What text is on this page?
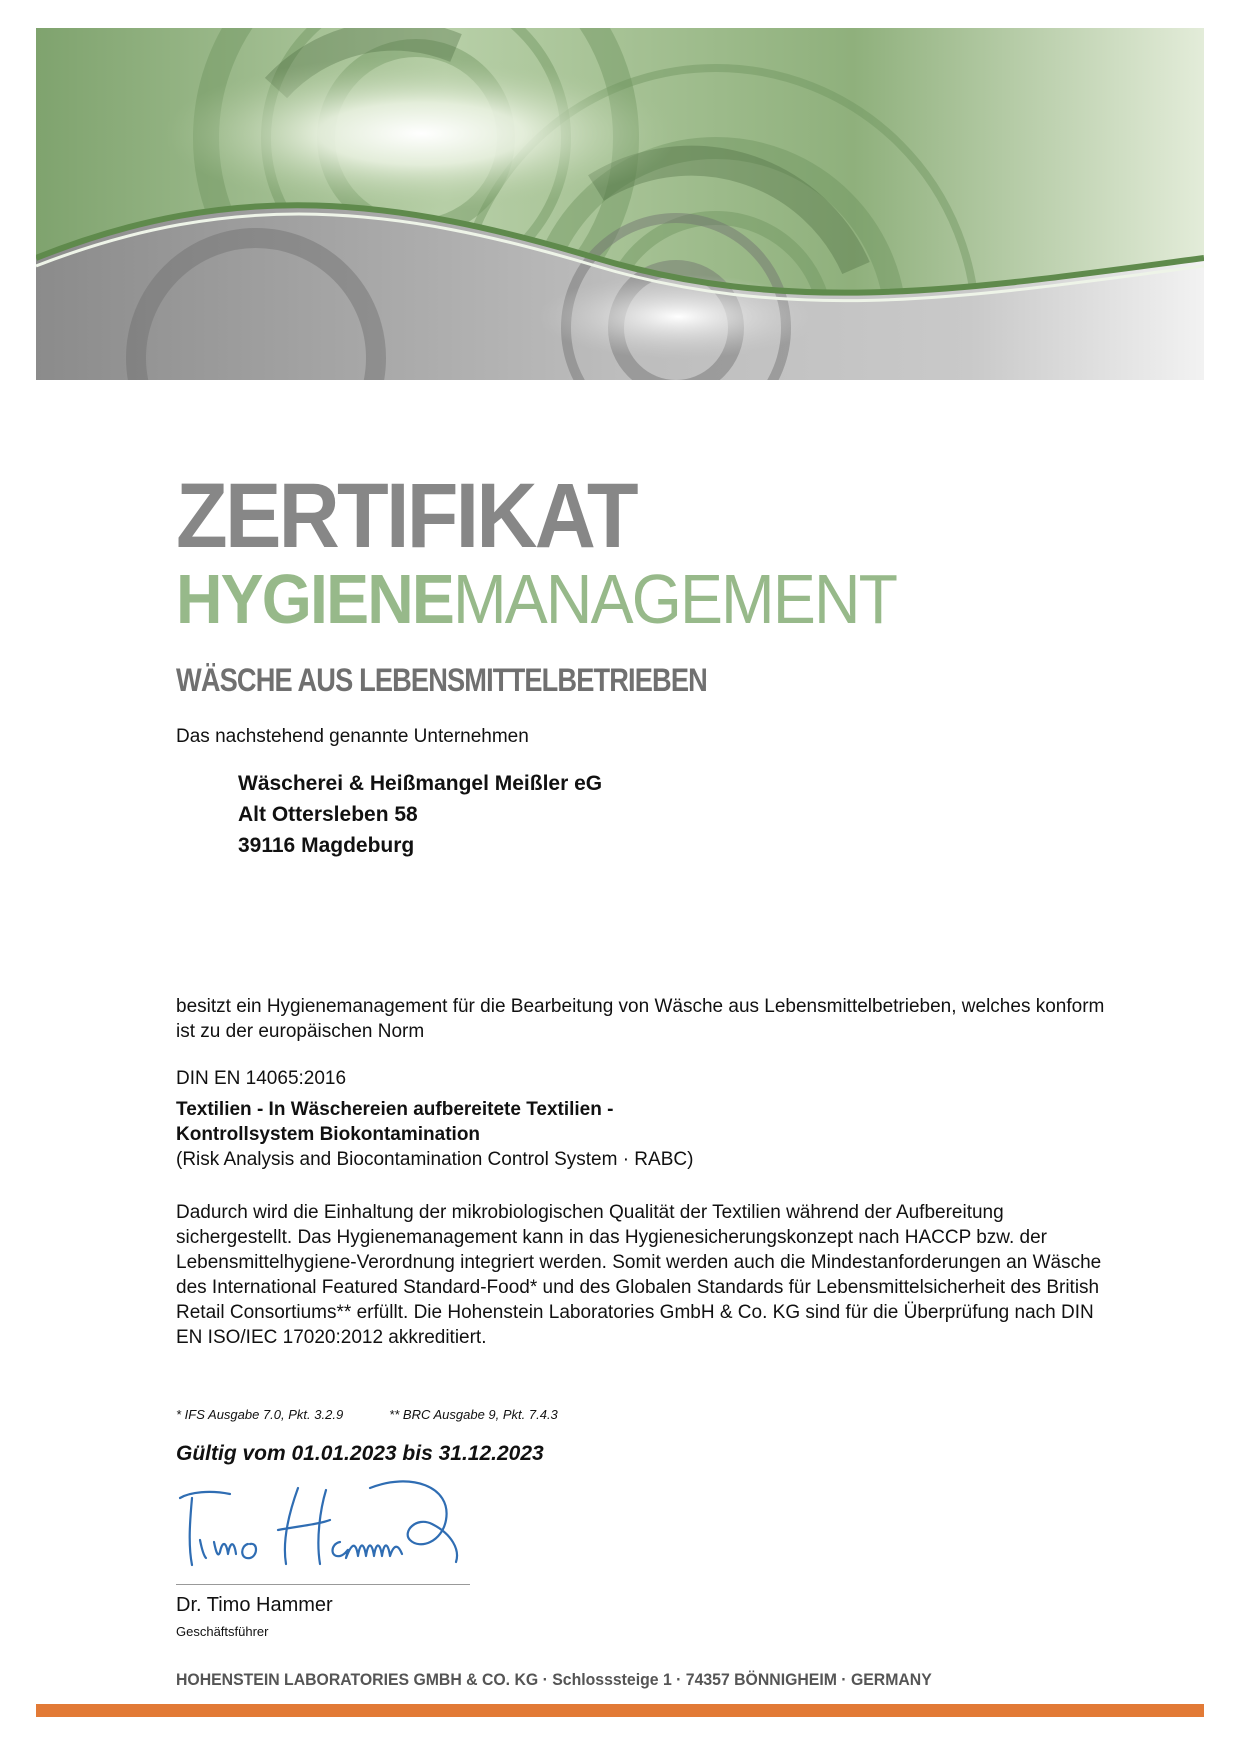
ZERTIFIKAT
HYGIENEMANAGEMENT
WÄSCHE AUS LEBENSMITTELBETRIEBEN

Das nachstehend genannte Unternehmen

Wäscherei & Heißmangel Meißler eG
Alt Ottersleben 58
39116 Magdeburg

besitzt ein Hygienemanagement für die Bearbeitung von Wäsche aus Lebensmittelbetrieben, welches konform ist zu der europäischen Norm

DIN EN 14065:2016
Textilien - In Wäschereien aufbereitete Textilien -
Kontrollsystem Biokontamination
(Risk Analysis and Biocontamination Control System · RABC)

Dadurch wird die Einhaltung der mikrobiologischen Qualität der Textilien während der Aufbereitung sichergestellt. Das Hygienemanagement kann in das Hygienesicherungskonzept nach HACCP bzw. der Lebensmittelhygiene-Verordnung integriert werden. Somit werden auch die Mindestanforderungen an Wäsche des International Featured Standard-Food* und des Globalen Standards für Lebensmittelsicherheit des British Retail Consortiums** erfüllt. Die Hohenstein Laboratories GmbH & Co. KG sind für die Überprüfung nach DIN EN ISO/IEC 17020:2012 akkreditiert.

* IFS Ausgabe 7.0, Pkt. 3.2.9	** BRC Ausgabe 9, Pkt. 7.4.3
Gültig vom 01.01.2023 bis 31.12.2023
Dr. Timo Hammer
Geschäftsführer
HOHENSTEIN LABORATORIES GMBH & CO. KG · Schlosssteige 1 · 74357 BÖNNIGHEIM · GERMANY
